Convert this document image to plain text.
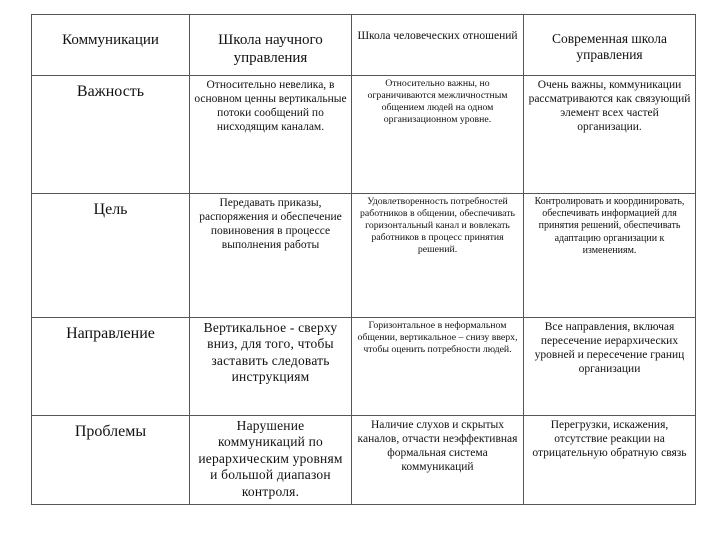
Коммуникации	Школа научного управления	Школа человеческих отношений	Современная школа управления
Важность	Относительно невелика, в основном ценны вертикальные потоки сообщений по нисходящим каналам.	Относительно важны, но ограничиваются межличностным общением людей на одном организационном уровне.	Очень важны, коммуникации рассматриваются как связующий элемент всех частей организации.
Цель	Передавать приказы, распоряжения и обеспечение повиновения в процессе выполнения работы	Удовлетворенность потребностей работников в общении, обеспечивать горизонтальный канал и вовлекать работников в процесс принятия решений.	Контролировать и координировать, обеспечивать информацией для принятия решений, обеспечивать адаптацию организации к изменениям.
Направление	Вертикальное - сверху вниз, для того, чтобы заставить следовать инструкциям	Горизонтальное в неформальном общении, вертикальное – снизу вверх, чтобы оценить потребности людей.	Все направления, включая пересечение иерархических уровней и пересечение границ организации
Проблемы	Нарушение коммуникаций по иерархическим уровням и большой диапазон контроля.	Наличие слухов и скрытых каналов, отчасти неэффективная формальная система коммуникаций	Перегрузки, искажения, отсутствие реакции на отрицательную обратную связь
